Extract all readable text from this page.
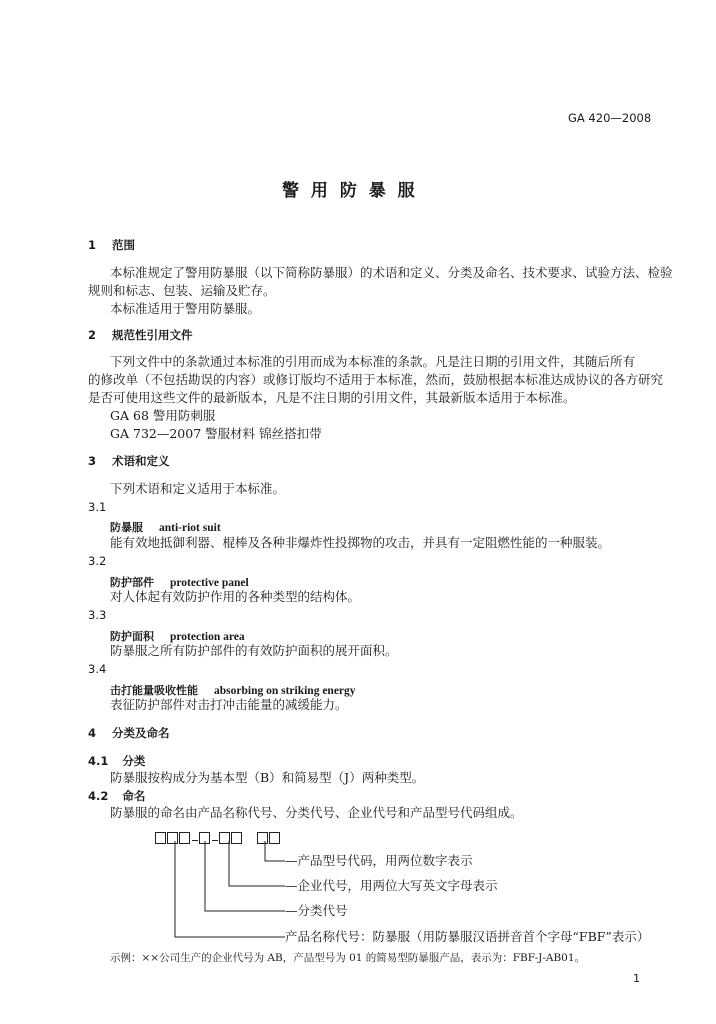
GA 420—2008
警 用 防 暴 服
1 范围
本标准规定了警用防暴服（以下简称防暴服）的术语和定义、分类及命名、技术要求、试验方法、检验
规则和标志、包装、运输及贮存。
本标准适用于警用防暴服。
2 规范性引用文件
下列文件中的条款通过本标准的引用而成为本标准的条款。凡是注日期的引用文件，其随后所有
的修改单（不包括勘误的内容）或修订版均不适用于本标准，然而，鼓励根据本标准达成协议的各方研究
是否可使用这些文件的最新版本，凡是不注日期的引用文件，其最新版本适用于本标准。
GA 68 警用防刺服
GA 732—2007 警服材料 锦丝搭扣带
3 术语和定义
下列术语和定义适用于本标准。
3.1
防暴服 anti-riot suit
能有效地抵御利器、棍棒及各种非爆炸性投掷物的攻击，并具有一定阻燃性能的一种服装。
3.2
防护部件 protective panel
对人体起有效防护作用的各种类型的结构体。
3.3
防护面积 protection area
防暴服之所有防护部件的有效防护面积的展开面积。
3.4
击打能量吸收性能 absorbing on striking energy
表征防护部件对击打冲击能量的减缓能力。
4 分类及命名
4.1 分类
防暴服按构成分为基本型（B）和简易型（J）两种类型。
4.2 命名
防暴服的命名由产品名称代号、分类代号、企业代号和产品型号代码组成。
—产品型号代码，用两位数字表示
—企业代号，用两位大写英文字母表示
—分类代号
产品名称代号：防暴服（用防暴服汉语拼音首个字母“FBF”表示）
示例：××公司生产的企业代号为 AB，产品型号为 01 的简易型防暴服产品，表示为：FBF-J-AB01。
1
